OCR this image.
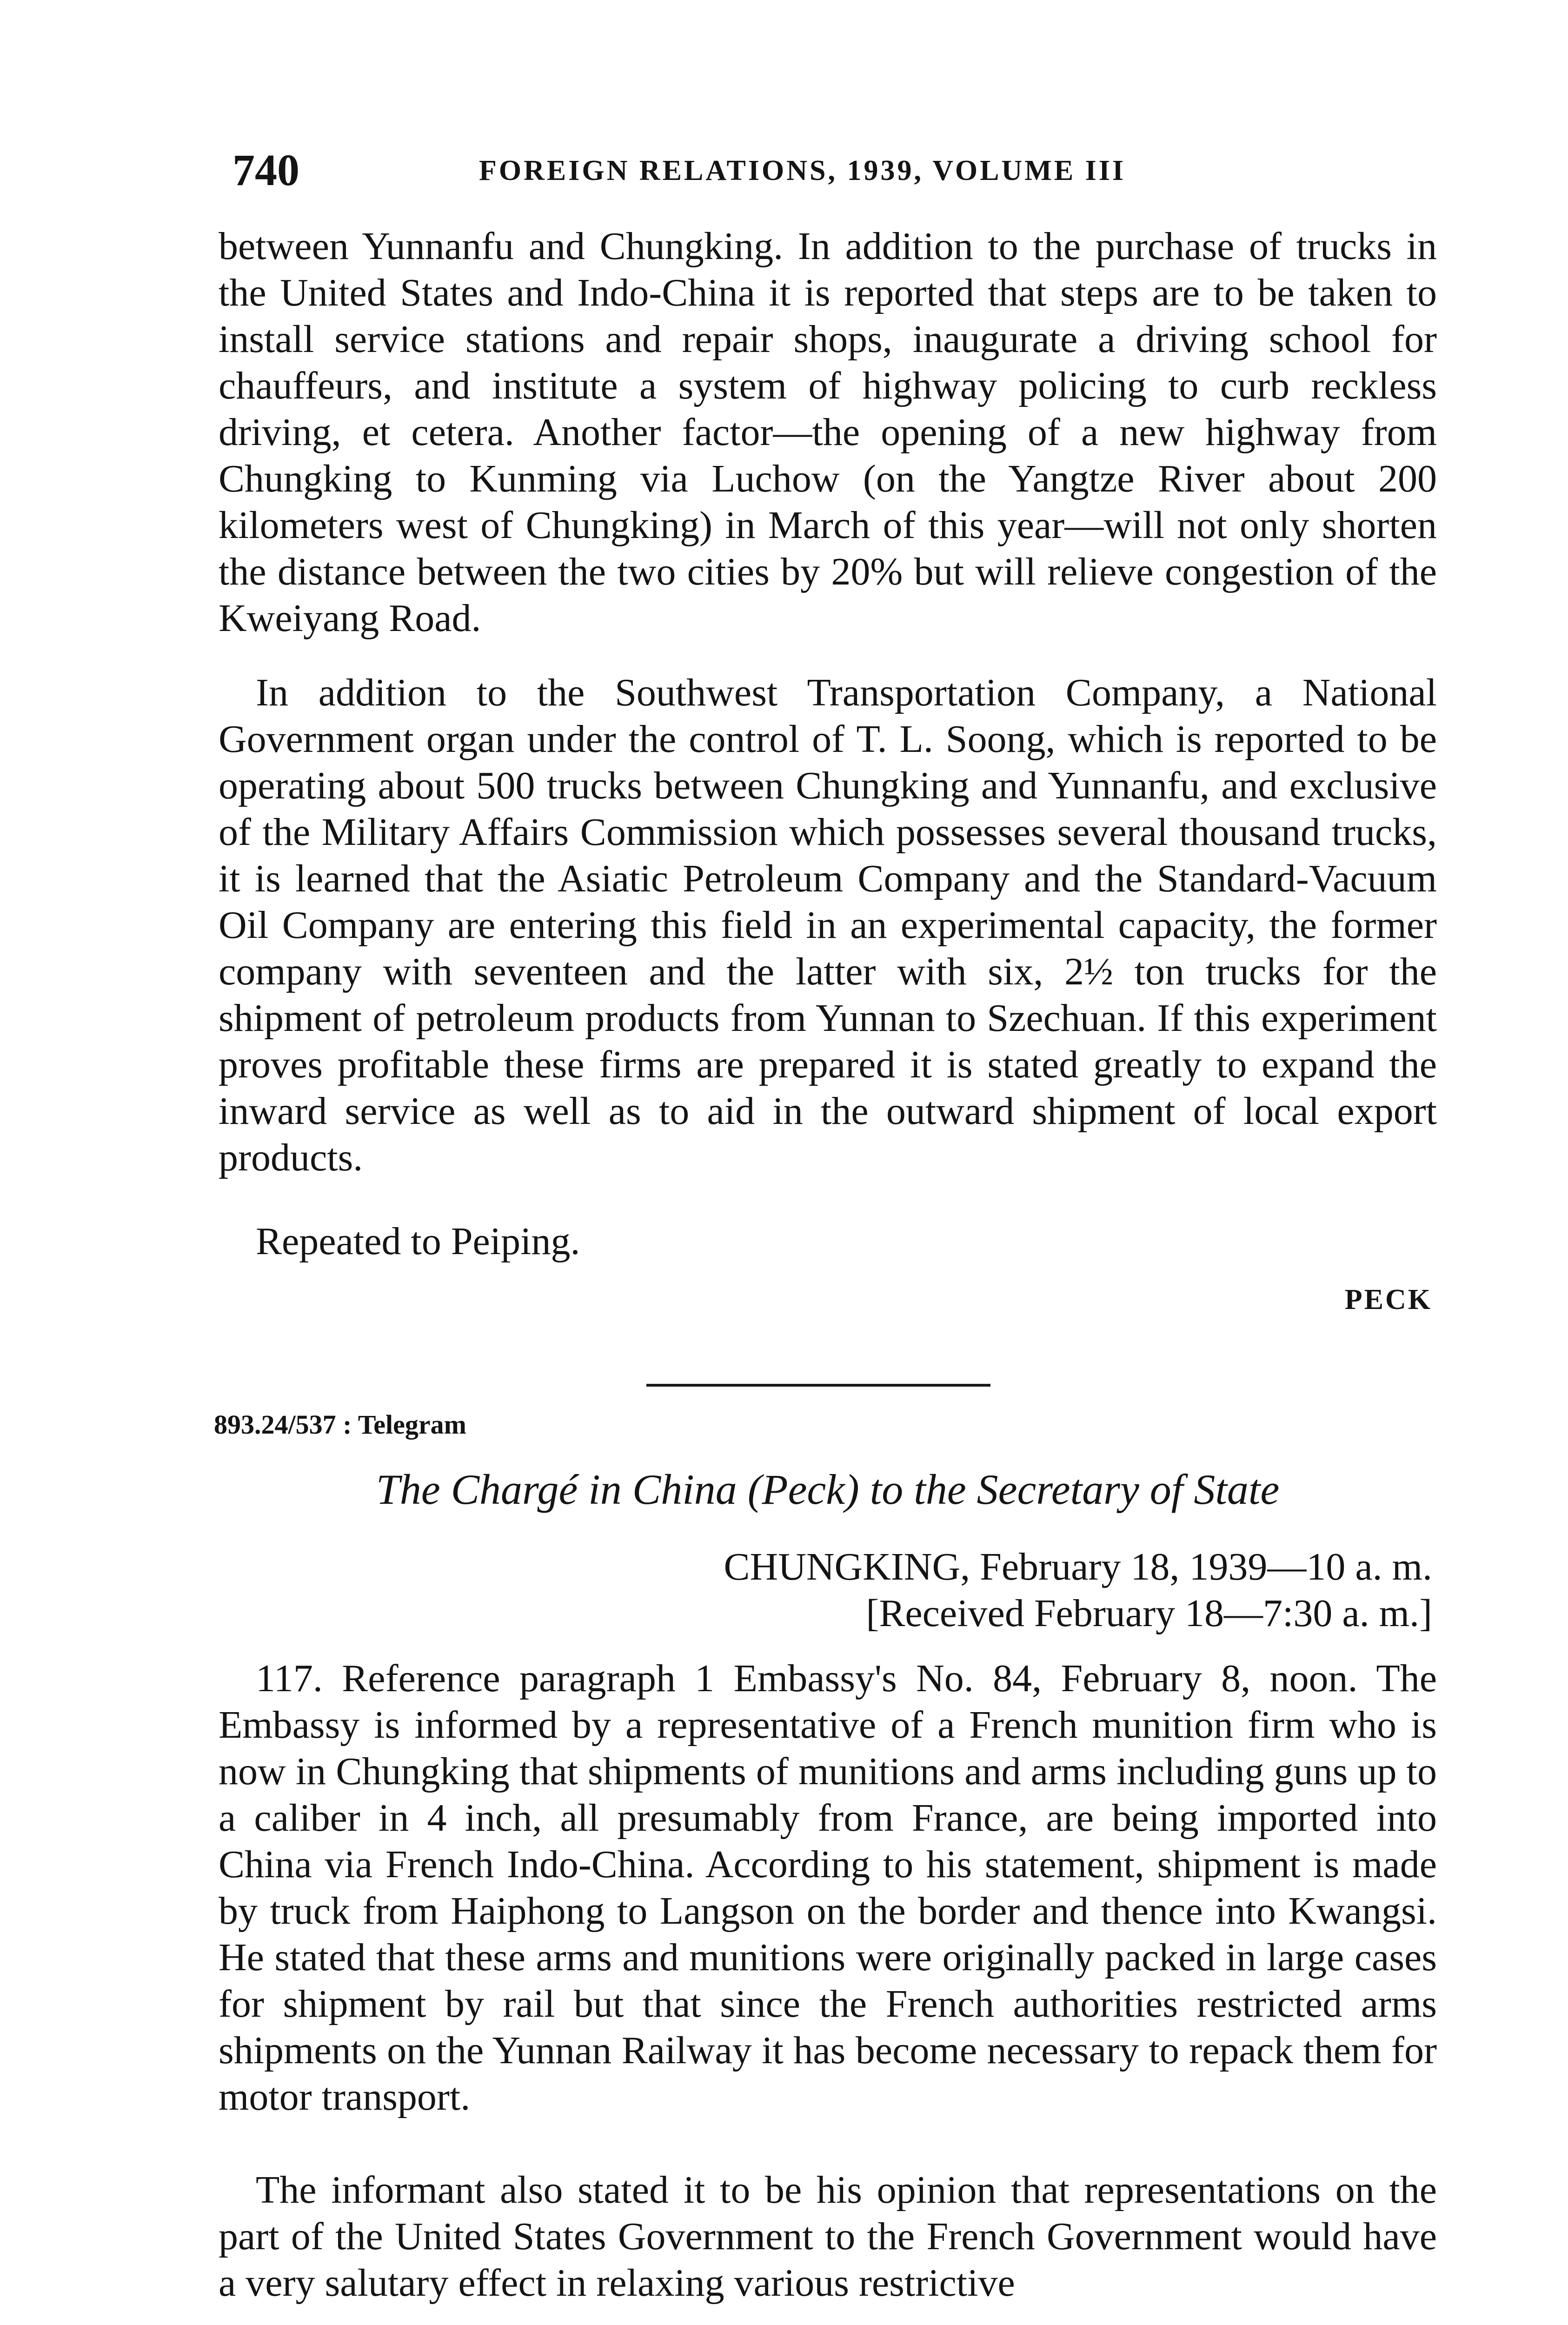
740	FOREIGN RELATIONS, 1939, VOLUME III

between Yunnanfu and Chungking. In addition to the purchase of trucks in the United States and Indo-China it is reported that steps are to be taken to install service stations and repair shops, inaugurate a driving school for chauffeurs, and institute a system of highway policing to curb reckless driving, et cetera. Another factor—the opening of a new highway from Chungking to Kunming via Luchow (on the Yangtze River about 200 kilometers west of Chungking) in March of this year—will not only shorten the distance between the two cities by 20% but will relieve congestion of the Kweiyang Road.

In addition to the Southwest Transportation Company, a National Government organ under the control of T. L. Soong, which is reported to be operating about 500 trucks between Chungking and Yunnanfu, and exclusive of the Military Affairs Commission which possesses several thousand trucks, it is learned that the Asiatic Petroleum Company and the Standard-Vacuum Oil Company are entering this field in an experimental capacity, the former company with seventeen and the latter with six, 2½ ton trucks for the shipment of petroleum products from Yunnan to Szechuan. If this experiment proves profitable these firms are prepared it is stated greatly to expand the inward service as well as to aid in the outward shipment of local export products.

Repeated to Peiping.

PECK
893.24/537 : Telegram
The Chargé in China (Peck) to the Secretary of State
CHUNGKING, February 18, 1939—10 a. m.
[Received February 18—7:30 a. m.]

117. Reference paragraph 1 Embassy's No. 84, February 8, noon. The Embassy is informed by a representative of a French munition firm who is now in Chungking that shipments of munitions and arms including guns up to a caliber in 4 inch, all presumably from France, are being imported into China via French Indo-China. According to his statement, shipment is made by truck from Haiphong to Langson on the border and thence into Kwangsi. He stated that these arms and munitions were originally packed in large cases for shipment by rail but that since the French authorities restricted arms shipments on the Yunnan Railway it has become necessary to repack them for motor transport.

The informant also stated it to be his opinion that representations on the part of the United States Government to the French Government would have a very salutary effect in relaxing various restrictive
